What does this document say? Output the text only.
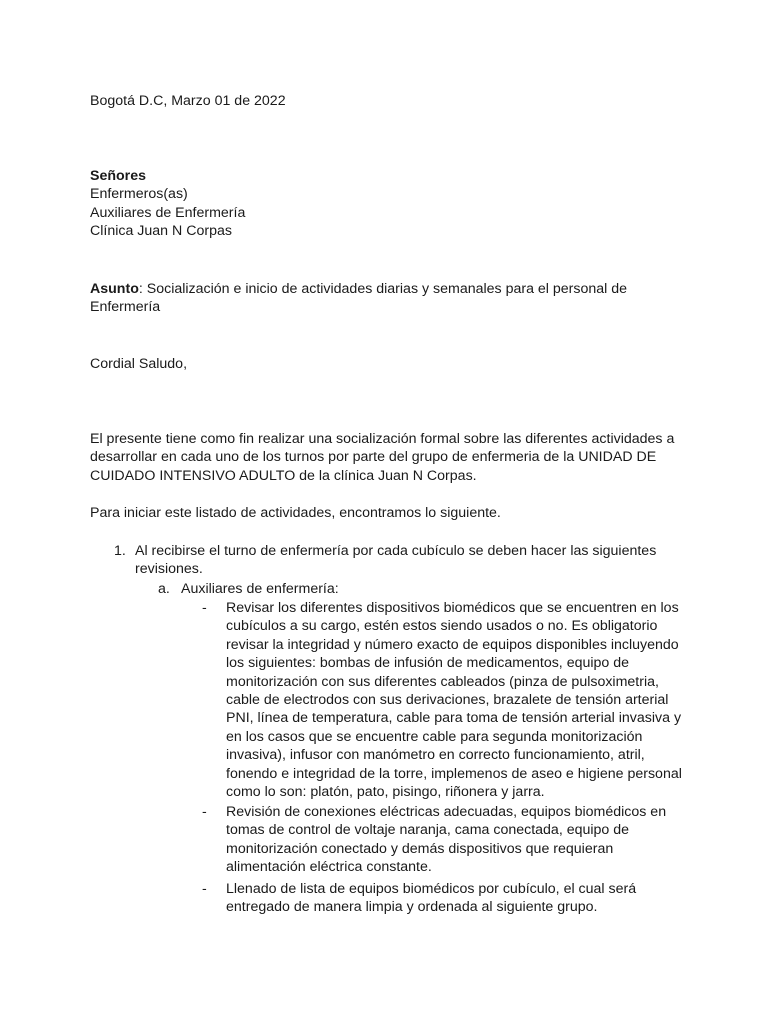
Bogotá D.C, Marzo 01 de 2022
Señores
Enfermeros(as)
Auxiliares de Enfermería
Clínica Juan N Corpas
Asunto: Socialización e inicio de actividades diarias y semanales para el personal de
Enfermería
Cordial Saludo,
El presente tiene como fin realizar una socialización formal sobre las diferentes actividades a
desarrollar en cada uno de los turnos por parte del grupo de enfermeria de la UNIDAD DE
CUIDADO INTENSIVO ADULTO de la clínica Juan N Corpas.
Para iniciar este listado de actividades, encontramos lo siguiente.
1. Al recibirse el turno de enfermería por cada cubículo se deben hacer las siguientes
revisiones.
a. Auxiliares de enfermería:
- Revisar los diferentes dispositivos biomédicos que se encuentren en los
cubículos a su cargo, estén estos siendo usados o no. Es obligatorio
revisar la integridad y número exacto de equipos disponibles incluyendo
los siguientes: bombas de infusión de medicamentos, equipo de
monitorización con sus diferentes cableados (pinza de pulsoximetria,
cable de electrodos con sus derivaciones, brazalete de tensión arterial
PNI, línea de temperatura, cable para toma de tensión arterial invasiva y
en los casos que se encuentre cable para segunda monitorización
invasiva), infusor con manómetro en correcto funcionamiento, atril,
fonendo e integridad de la torre, implemenos de aseo e higiene personal
como lo son: platón, pato, pisingo, riñonera y jarra.
- Revisión de conexiones eléctricas adecuadas, equipos biomédicos en
tomas de control de voltaje naranja, cama conectada, equipo de
monitorización conectado y demás dispositivos que requieran
alimentación eléctrica constante.
- Llenado de lista de equipos biomédicos por cubículo, el cual será
entregado de manera limpia y ordenada al siguiente grupo.
